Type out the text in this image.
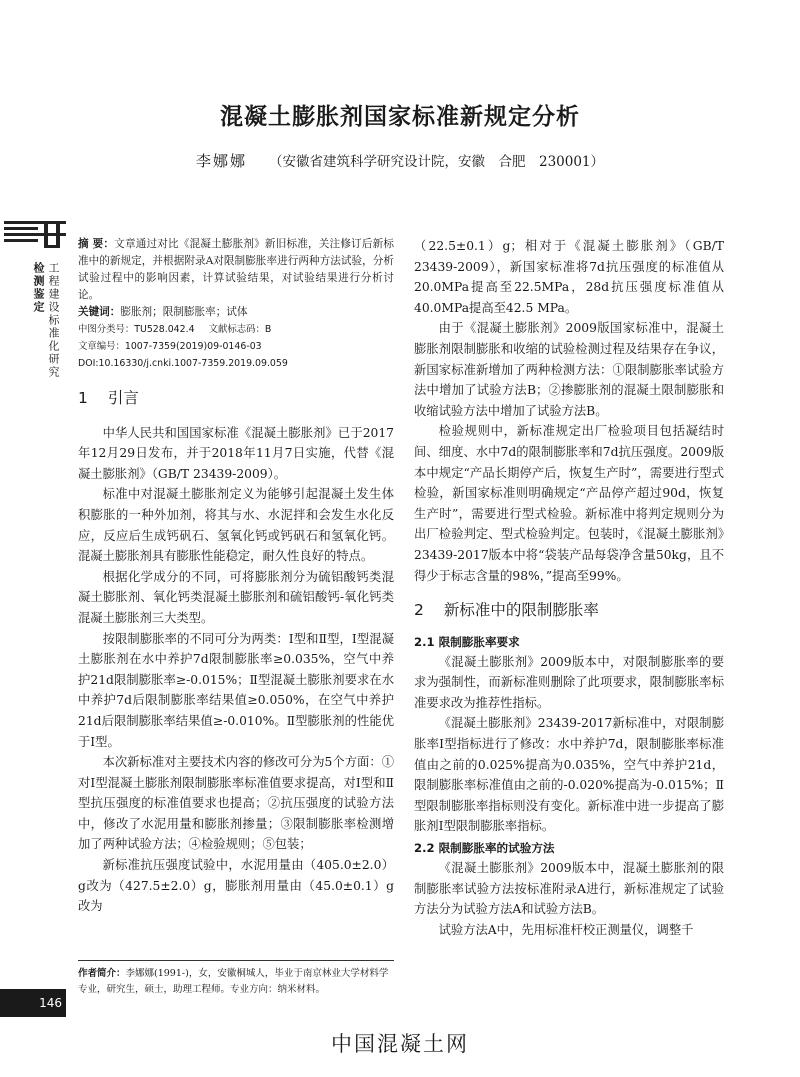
混凝土膨胀剂国家标准新规定分析
李娜娜 （安徽省建筑科学研究设计院，安徽　合肥　230001）
检测鉴定 工程建设标准化研究

摘 要：文章通过对比《混凝土膨胀剂》新旧标准，关注修订后新标准中的新规定，并根据附录A对限制膨胀率进行两种方法试验，分析试验过程中的影响因素，计算试验结果，对试验结果进行分析讨论。

关键词：膨胀剂；限制膨胀率；试体

中图分类号：TU528.042.4 文献标志码：B

文章编号：1007-7359(2019)09-0146-03

DOI:10.16330/j.cnki.1007-7359.2019.09.059

1 引言

中华人民共和国国家标准《混凝土膨胀剂》已于2017年12月29日发布，并于2018年11月7日实施，代替《混凝土膨胀剂》（GB/T 23439-2009）。

标准中对混凝土膨胀剂定义为能够引起混凝土发生体积膨胀的一种外加剂，将其与水、水泥拌和会发生水化反应，反应后生成钙矾石、氢氧化钙或钙矾石和氢氧化钙。混凝土膨胀剂具有膨胀性能稳定，耐久性良好的特点。

根据化学成分的不同，可将膨胀剂分为硫铝酸钙类混凝土膨胀剂、氧化钙类混凝土膨胀剂和硫铝酸钙-氧化钙类混凝土膨胀剂三大类型。

按限制膨胀率的不同可分为两类：Ⅰ型和Ⅱ型，Ⅰ型混凝土膨胀剂在水中养护7d限制膨胀率≥0.035%，空气中养护21d限制膨胀率≥-0.015%；Ⅱ型混凝土膨胀剂要求在水中养护7d后限制膨胀率结果值≥0.050%，在空气中养护21d后限制膨胀率结果值≥-0.010%。Ⅱ型膨胀剂的性能优于Ⅰ型。

本次新标准对主要技术内容的修改可分为5个方面：①对Ⅰ型混凝土膨胀剂限制膨胀率标准值要求提高，对Ⅰ型和Ⅱ型抗压强度的标准值要求也提高；②抗压强度的试验方法中，修改了水泥用量和膨胀剂掺量；③限制膨胀率检测增加了两种试验方法；④检验规则；⑤包装；

新标准抗压强度试验中，水泥用量由（405.0±2.0）g改为（427.5±2.0）g，膨胀剂用量由（45.0±0.1）g改为

（22.5±0.1）g；相对于《混凝土膨胀剂》（GB/T 23439-2009），新国家标准将7d抗压强度的标准值从20.0MPa提高至22.5MPa，28d抗压强度标准值从40.0MPa提高至42.5 MPa。

由于《混凝土膨胀剂》2009版国家标准中，混凝土膨胀剂限制膨胀和收缩的试验检测过程及结果存在争议，新国家标准新增加了两种检测方法：①限制膨胀率试验方法中增加了试验方法B；②掺膨胀剂的混凝土限制膨胀和收缩试验方法中增加了试验方法B。

检验规则中，新标准规定出厂检验项目包括凝结时间、细度、水中7d的限制膨胀率和7d抗压强度。2009版本中规定“产品长期停产后，恢复生产时”，需要进行型式检验，新国家标准则明确规定“产品停产超过90d，恢复生产时”，需要进行型式检验。新标准中将判定规则分为出厂检验判定、型式检验判定。包装时，《混凝土膨胀剂》23439-2017版本中将“袋装产品每袋净含量50kg，且不得少于标志含量的98%，”提高至99%。

2 新标准中的限制膨胀率
2.1 限制膨胀率要求

《混凝土膨胀剂》2009版本中，对限制膨胀率的要求为强制性，而新标准则删除了此项要求，限制膨胀率标准要求改为推荐性指标。

《混凝土膨胀剂》23439-2017新标准中，对限制膨胀率Ⅰ型指标进行了修改：水中养护7d，限制膨胀率标准值由之前的0.025%提高为0.035%，空气中养护21d，限制膨胀率标准值由之前的-0.020%提高为-0.015%；Ⅱ型限制膨胀率指标则没有变化。新标准中进一步提高了膨胀剂Ⅰ型限制膨胀率指标。

2.2 限制膨胀率的试验方法

《混凝土膨胀剂》2009版本中，混凝土膨胀剂的限制膨胀率试验方法按标准附录A进行，新标准规定了试验方法分为试验方法A和试验方法B。

试验方法A中，先用标准杆校正测量仪，调整千

作者简介：李娜娜(1991-)，女，安徽桐城人，毕业于南京林业大学材料学专业，研究生，硕士，助理工程师。专业方向：纳米材料。

146
中国混凝土网
